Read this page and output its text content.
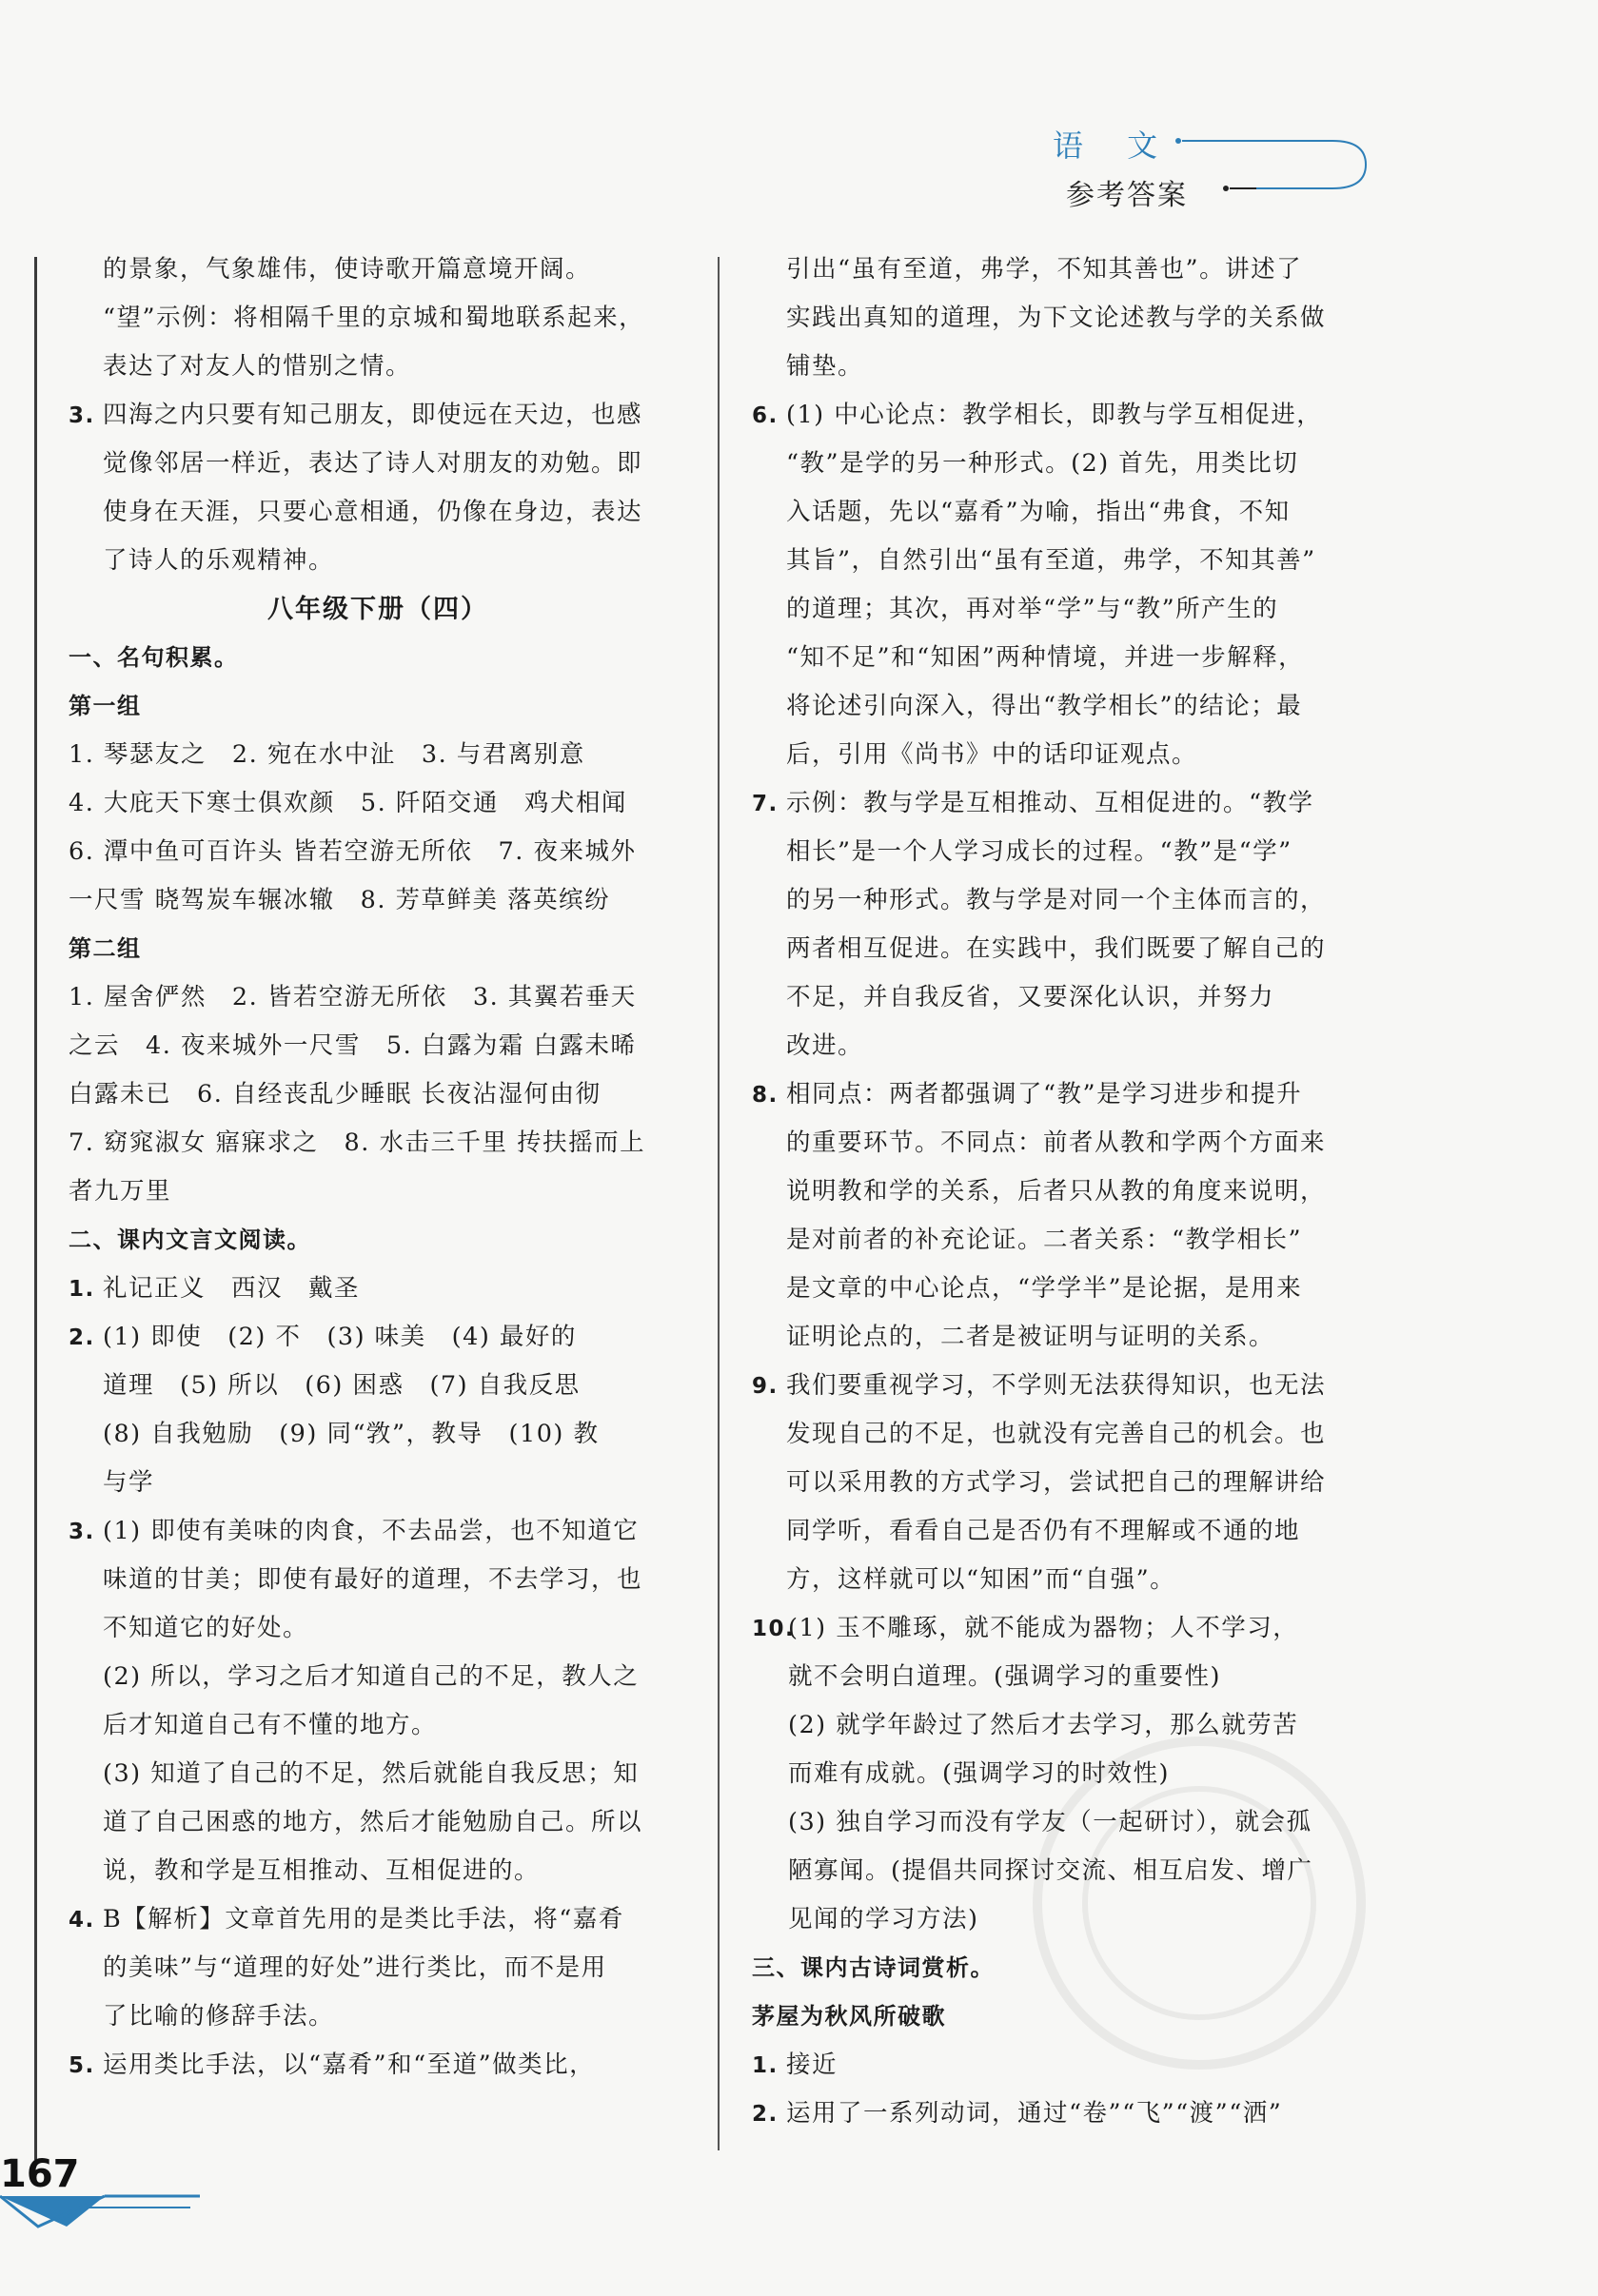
语 文
参考答案
的景象，气象雄伟，使诗歌开篇意境开阔。
“望”示例：将相隔千里的京城和蜀地联系起来，
表达了对友人的惜别之情。
3. 四海之内只要有知己朋友，即使远在天边，也感
觉像邻居一样近，表达了诗人对朋友的劝勉。即
使身在天涯，只要心意相通，仍像在身边，表达
了诗人的乐观精神。
八年级下册（四）
一、名句积累。
第一组
1. 琴瑟友之　2. 宛在水中沚　3. 与君离别意
4. 大庇天下寒士俱欢颜　5. 阡陌交通　鸡犬相闻
6. 潭中鱼可百许头 皆若空游无所依　7. 夜来城外
一尺雪 晓驾炭车辗冰辙　8. 芳草鲜美 落英缤纷
第二组
1. 屋舍俨然　2. 皆若空游无所依　3. 其翼若垂天
之云　4. 夜来城外一尺雪　5. 白露为霜 白露未晞
白露未已　6. 自经丧乱少睡眠 长夜沾湿何由彻
7. 窈窕淑女 寤寐求之　8. 水击三千里 抟扶摇而上
者九万里
二、课内文言文阅读。
1. 礼记正义　西汉　戴圣
2. (1) 即使　(2) 不　(3) 味美　(4) 最好的
道理　(5) 所以　(6) 困惑　(7) 自我反思
(8) 自我勉励　(9) 同“敩”，教导　(10) 教
与学
3. (1) 即使有美味的肉食，不去品尝，也不知道它
味道的甘美；即使有最好的道理，不去学习，也
不知道它的好处。
(2) 所以，学习之后才知道自己的不足，教人之
后才知道自己有不懂的地方。
(3) 知道了自己的不足，然后就能自我反思；知
道了自己困惑的地方，然后才能勉励自己。所以
说，教和学是互相推动、互相促进的。
4. B【解析】文章首先用的是类比手法，将“嘉肴
的美味”与“道理的好处”进行类比，而不是用
了比喻的修辞手法。
5. 运用类比手法，以“嘉肴”和“至道”做类比，
引出“虽有至道，弗学，不知其善也”。讲述了
实践出真知的道理，为下文论述教与学的关系做
铺垫。
6. (1) 中心论点：教学相长，即教与学互相促进，
“教”是学的另一种形式。(2) 首先，用类比切
入话题，先以“嘉肴”为喻，指出“弗食，不知
其旨”，自然引出“虽有至道，弗学，不知其善”
的道理；其次，再对举“学”与“教”所产生的
“知不足”和“知困”两种情境，并进一步解释，
将论述引向深入，得出“教学相长”的结论；最
后，引用《尚书》中的话印证观点。
7. 示例：教与学是互相推动、互相促进的。“教学
相长”是一个人学习成长的过程。“教”是“学”
的另一种形式。教与学是对同一个主体而言的，
两者相互促进。在实践中，我们既要了解自己的
不足，并自我反省，又要深化认识，并努力
改进。
8. 相同点：两者都强调了“教”是学习进步和提升
的重要环节。不同点：前者从教和学两个方面来
说明教和学的关系，后者只从教的角度来说明，
是对前者的补充论证。二者关系：“教学相长”
是文章的中心论点，“学学半”是论据，是用来
证明论点的，二者是被证明与证明的关系。
9. 我们要重视学习，不学则无法获得知识，也无法
发现自己的不足，也就没有完善自己的机会。也
可以采用教的方式学习，尝试把自己的理解讲给
同学听，看看自己是否仍有不理解或不通的地
方，这样就可以“知困”而“自强”。
10.(1) 玉不雕琢，就不能成为器物；人不学习，
就不会明白道理。(强调学习的重要性)
(2) 就学年龄过了然后才去学习，那么就劳苦
而难有成就。(强调学习的时效性)
(3) 独自学习而没有学友（一起研讨），就会孤
陋寡闻。(提倡共同探讨交流、相互启发、增广
见闻的学习方法)
三、课内古诗词赏析。
茅屋为秋风所破歌
1. 接近
2. 运用了一系列动词，通过“卷”“飞”“渡”“洒”
167
